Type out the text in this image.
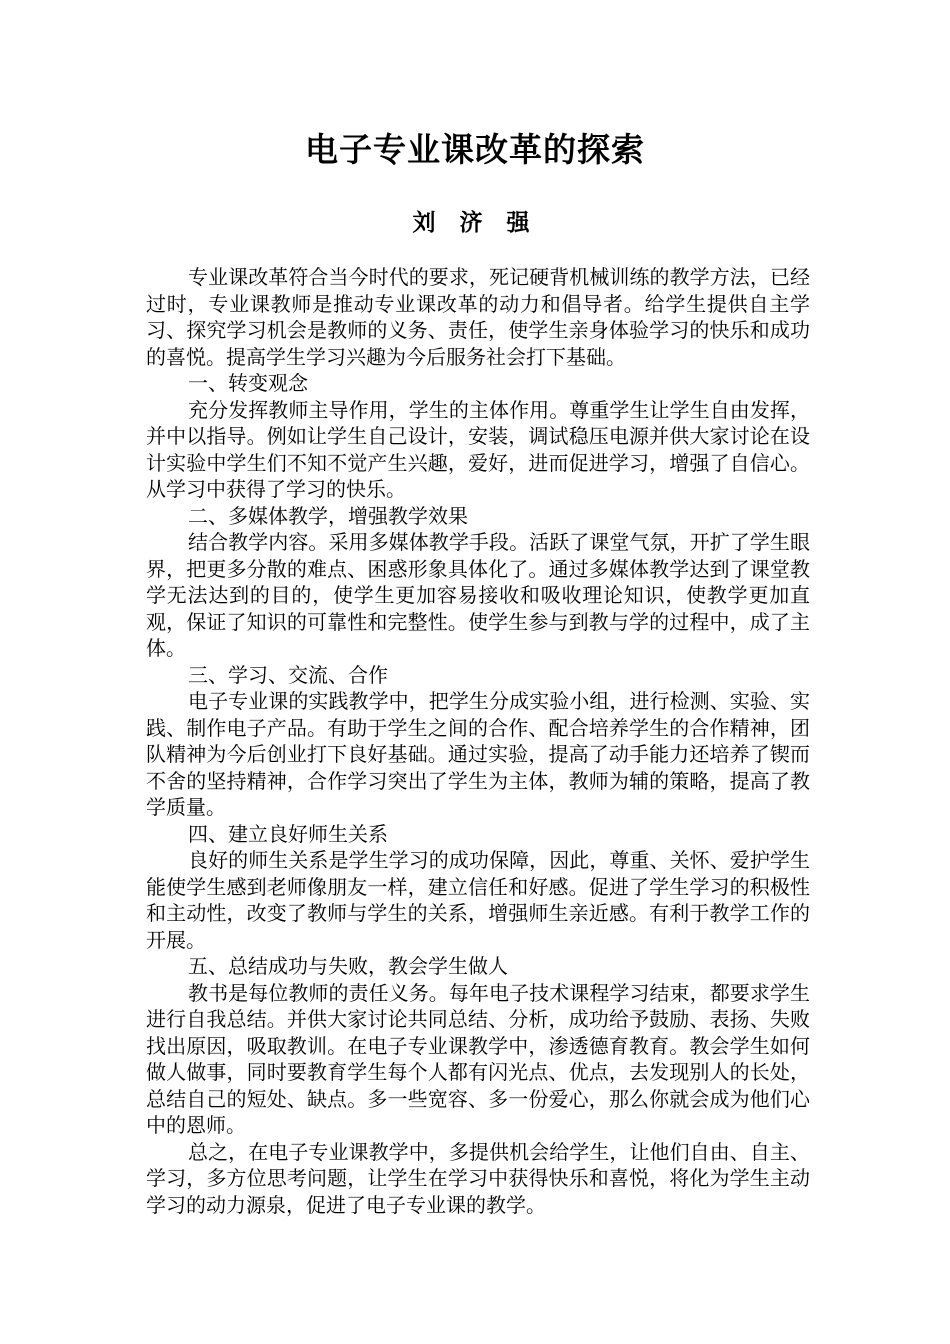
电子专业课改革的探索
刘 济 强

专业课改革符合当今时代的要求，死记硬背机械训练的教学方法，已经过时，专业课教师是推动专业课改革的动力和倡导者。给学生提供自主学习、探究学习机会是教师的义务、责任，使学生亲身体验学习的快乐和成功的喜悦。提高学生学习兴趣为今后服务社会打下基础。

一、转变观念

充分发挥教师主导作用，学生的主体作用。尊重学生让学生自由发挥，并中以指导。例如让学生自己设计，安装，调试稳压电源并供大家讨论在设计实验中学生们不知不觉产生兴趣，爱好，进而促进学习，增强了自信心。从学习中获得了学习的快乐。

二、多媒体教学，增强教学效果

结合教学内容。采用多媒体教学手段。活跃了课堂气氛，开扩了学生眼界，把更多分散的难点、困惑形象具体化了。通过多媒体教学达到了课堂教学无法达到的目的，使学生更加容易接收和吸收理论知识，使教学更加直观，保证了知识的可靠性和完整性。使学生参与到教与学的过程中，成了主体。

三、学习、交流、合作

电子专业课的实践教学中，把学生分成实验小组，进行检测、实验、实践、制作电子产品。有助于学生之间的合作、配合培养学生的合作精神，团队精神为今后创业打下良好基础。通过实验，提高了动手能力还培养了锲而不舍的坚持精神，合作学习突出了学生为主体，教师为辅的策略，提高了教学质量。

四、建立良好师生关系

良好的师生关系是学生学习的成功保障，因此，尊重、关怀、爱护学生能使学生感到老师像朋友一样，建立信任和好感。促进了学生学习的积极性和主动性，改变了教师与学生的关系，增强师生亲近感。有利于教学工作的开展。

五、总结成功与失败，教会学生做人

教书是每位教师的责任义务。每年电子技术课程学习结束，都要求学生进行自我总结。并供大家讨论共同总结、分析，成功给予鼓励、表扬、失败找出原因，吸取教训。在电子专业课教学中，渗透德育教育。教会学生如何做人做事，同时要教育学生每个人都有闪光点、优点，去发现别人的长处，总结自己的短处、缺点。多一些宽容、多一份爱心，那么你就会成为他们心中的恩师。

总之，在电子专业课教学中，多提供机会给学生，让他们自由、自主、学习，多方位思考问题，让学生在学习中获得快乐和喜悦，将化为学生主动学习的动力源泉，促进了电子专业课的教学。
